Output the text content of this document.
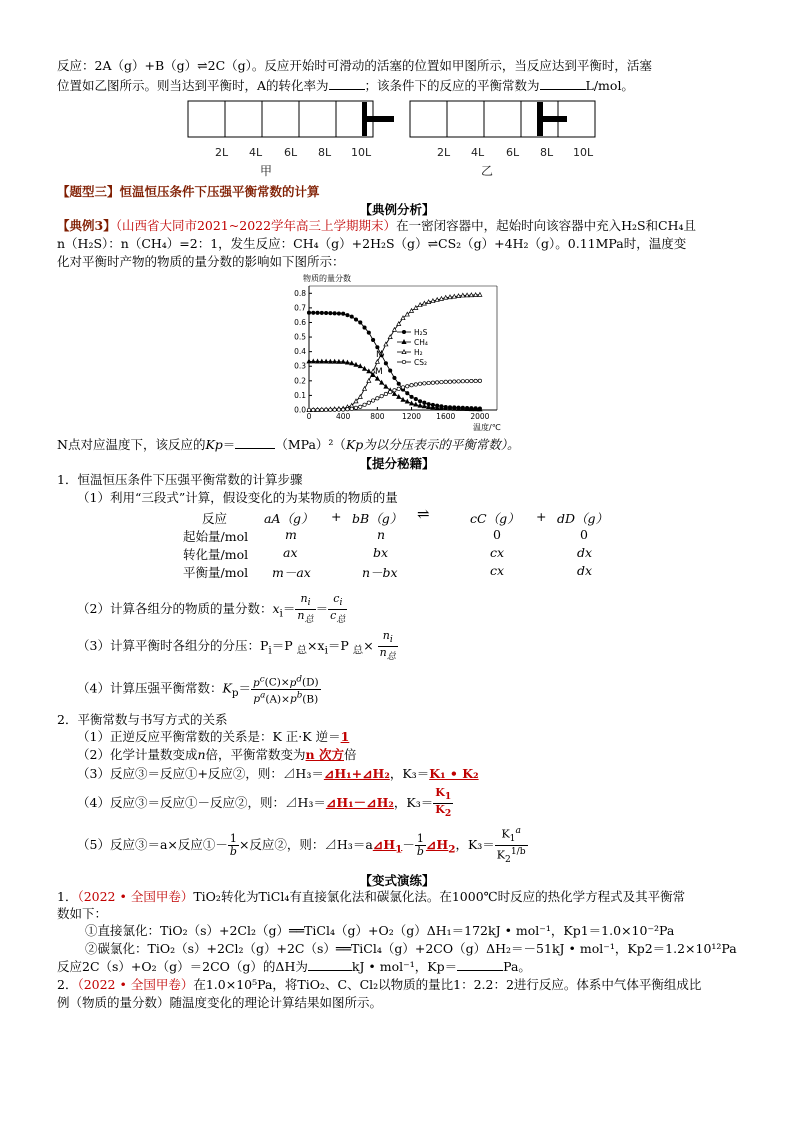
反应：2A（g）+B（g）⇌2C（g）。反应开始时可滑动的活塞的位置如甲图所示，当反应达到平衡时，活塞
位置如乙图所示。则当达到平衡时，A的转化率为	；该条件下的反应的平衡常数为	L/mol。
2L 4L 6L 8L 10L	2L 4L 6L 8L 10L
甲	乙
【题型三】恒温恒压条件下压强平衡常数的计算
【典例分析】
【典例3】（山西省大同市2021~2022学年高三上学期期末）在一密闭容器中，起始时向该容器中充入H₂S和CH₄且
n（H₂S）：n（CH₄）=2：1，发生反应：CH₄（g）+2H₂S（g）⇌CS₂（g）+4H₂（g）。0.11MPa时，温度变
化对平衡时产物的物质的量分数的影响如下图所示：
物质的量分数
温度/℃
0	400	800 1200 1600 2000
0.0
0.1
0.2
0.3
0.4
0.5
0.6
0.7
0.8
H₂S
CH₄
H₂
CS₂
M
N
N点对应温度下，该反应的Kp＝	（MPa）²（Kp为以分压表示的平衡常数）。
【提分秘籍】
1．恒温恒压条件下压强平衡常数的计算步骤
（1）利用“三段式”计算，假设变化的为某物质的物质的量
反应	aA（g） + bB（g） ⇌	cC（g） + dD（g）
起始量/mol	m	n	0	0
转化量/mol	ax	bx	cx	dx
平衡量/mol m－ax	n－bx	cx	dx
（2）计算各组分的物质的量分数：$x_i= \frac{n_i}{n_总} = \frac{c_i}{c_总}$
（3）计算平衡时各组分的分压：$P_i=P$ $_总\times x_i=P$ $_总\times \frac{n_i}{n_总}$
（4）计算压强平衡常数：$K_p= \frac{p^c(C)\times p^d(D)}{p^a(A)\times p^b(B)}$
2．平衡常数与书写方式的关系
（1）正逆反应平衡常数的关系是：K 正·K 逆＝1
（2）化学计量数变成n倍，平衡常数变为n 次方倍
（3）反应③＝反应①+反应②，则：⊿H₃＝⊿H₁+⊿H₂，K₃＝K₁ • K₂
（4）反应③＝反应①－反应②，则：⊿H₃＝⊿H₁－⊿H₂，$K_3= \frac{K_1}{K_2}$
（5）反应③＝a×反应①－ $\frac{1}{b}$ ×反应②，则：$⊿H_3=a⊿H_1- \frac{1}{b}$ $⊿H_2$，$K_3= \frac{K_1^a}{K_2^{1/b}}$
【变式演练】
1．（2022 • 全国甲卷）TiO₂转化为TiCl₄有直接氯化法和碳氯化法。在1000℃时反应的热化学方程式及其平衡常
数如下：
①直接氯化：TiO₂（s）+2Cl₂（g）══TiCl₄（g）+O₂（g）ΔH₁＝172kJ • mol⁻¹，Kp1＝1.0×10⁻²Pa
②碳氯化：TiO₂（s）+2Cl₂（g）+2C（s）══TiCl₄（g）+2CO（g）ΔH₂＝－51kJ • mol⁻¹，Kp2＝1.2×10¹²Pa
反应2C（s）+O₂（g）＝2CO（g）的ΔH为	kJ • mol⁻¹，Kp＝	Pa。
2．（2022 • 全国甲卷）在1.0×10⁵Pa，将TiO₂、C、Cl₂以物质的量比1：2.2：2进行反应。体系中气体平衡组成比
例（物质的量分数）随温度变化的理论计算结果如图所示。
